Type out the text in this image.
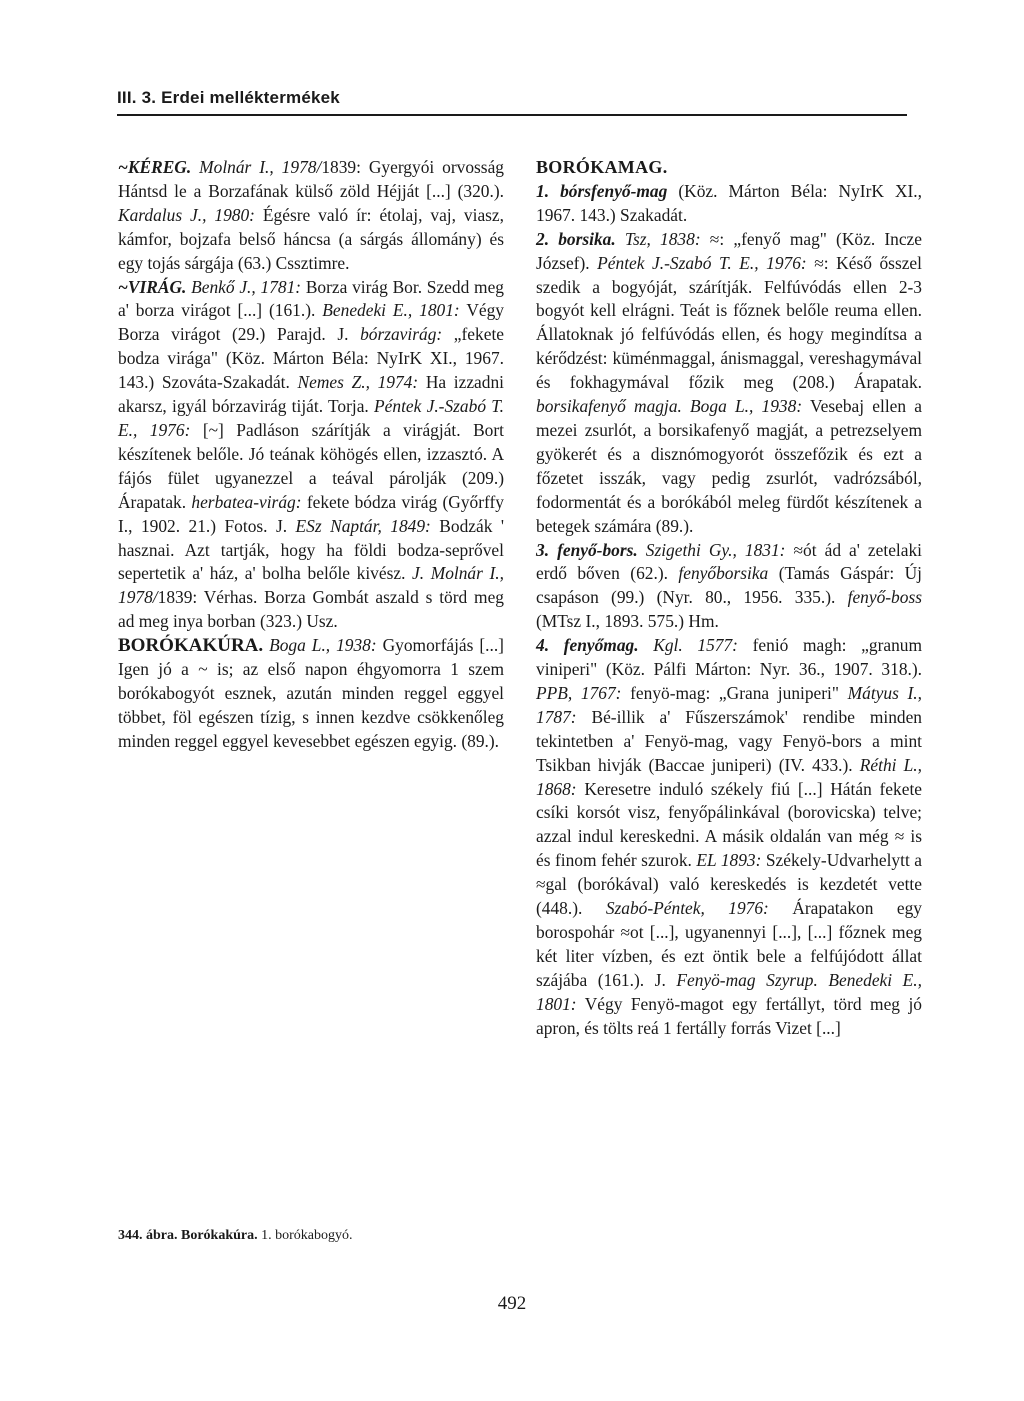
III. 3. Erdei melléktermékek

~KÉREG. Molnár I., 1978/1839: Gyergyói orvosság Hántsd le a Borzafának külső zöld Héjját [...] (320.). Kardalus J., 1980: Égésre való ír: étolaj, vaj, viasz, kámfor, bojzafa belső háncsa (a sárgás állomány) és egy tojás sárgája (63.) Cssztimre.

~VIRÁG. Benkő J., 1781: Borza virág Bor. Szedd meg a' borza virágot [...] (161.). Benedeki E., 1801: Végy Borza virágot (29.) Parajd. J. bórzavirág: „fekete bodza virága" (Köz. Márton Béla: NyIrK XI., 1967. 143.) Szováta-Szakadát. Nemes Z., 1974: Ha izzadni akarsz, igyál bórzavirág tiját. Torja. Péntek J.-Szabó T. E., 1976: [~] Padláson szárítják a virágját. Bort készítenek belőle. Jó teának köhögés ellen, izzasztó. A fájós fület ugyanezzel a teával párolják (209.) Árapatak. herbatea-virág: fekete bódza virág (Győrffy I., 1902. 21.) Fotos. J. ESz Naptár, 1849: Bodzák ' hasznai. Azt tartják, hogy ha földi bodza-seprővel sepertetik a' ház, a' bolha belőle kivész. J. Molnár I., 1978/1839: Vérhas. Borza Gombát aszald s törd meg ad meg inya borban (323.) Usz.

BORÓKAKÚRA. Boga L., 1938: Gyomorfájás [...] Igen jó a ~ is; az első napon éhgyomorra 1 szem borókabogyót esznek, azután minden reggel eggyel többet, föl egészen tízig, s innen kezdve csökkenőleg minden reggel eggyel kevesebbet egészen egyig. (89.).

344. ábra. Borókakúra. 1. borókabogyó.

BORÓKAMAG.

1. bórsfenyő-mag (Köz. Márton Béla: NyIrK XI., 1967. 143.) Szakadát.

2. borsika. Tsz, 1838: ≈: „fenyő mag" (Köz. Incze József). Péntek J.-Szabó T. E., 1976: ≈: Késő ősszel szedik a bogyóját, szárítják. Felfúvódás ellen 2-3 bogyót kell elrágni. Teát is főznek belőle reuma ellen. Állatoknak jó felfúvódás ellen, és hogy megindítsa a kérődzést: küménmaggal, ánismaggal, vereshagymával és fokhagymával főzik meg (208.) Árapatak. borsikafenyő magja. Boga L., 1938: Vesebaj ellen a mezei zsurlót, a borsikafenyő magját, a petrezselyem gyökerét és a disznómogyorót összefőzik és ezt a főzetet isszák, vagy pedig zsurlót, vadrózsából, fodormentát és a borókából meleg fürdőt készítenek a betegek számára (89.).

3. fenyő-bors. Szigethi Gy., 1831: ≈ót ád a' zetelaki erdő bőven (62.). fenyőborsika (Tamás Gáspár: Új csapáson (99.) (Nyr. 80., 1956. 335.). fenyő-boss (MTsz I., 1893. 575.) Hm.

4. fenyőmag. Kgl. 1577: fenió magh: „granum viniperi" (Köz. Pálfi Márton: Nyr. 36., 1907. 318.). PPB, 1767: fenyö-mag: „Grana juniperi" Mátyus I., 1787: Bé-illik a' Fűszerszámok' rendibe minden tekintetben a' Fenyö-mag, vagy Fenyö-bors a mint Tsikban hivják (Baccae juniperi) (IV. 433.). Réthi L., 1868: Keresetre induló székely fiú [...] Hátán fekete csíki korsót visz, fenyőpálinkával (borovicska) telve; azzal indul kereskedni. A másik oldalán van még ≈ is és finom fehér szurok. EL 1893: Székely-Udvarhelytt a ≈gal (borókával) való kereskedés is kezdetét vette (448.). Szabó-Péntek, 1976: Árapatakon egy borospohár ≈ot [...], ugyanennyi [...], [...] főznek meg két liter vízben, és ezt öntik bele a felfújódott állat szájába (161.). J. Fenyö-mag Szyrup. Benedeki E., 1801: Végy Fenyö-magot egy fertállyt, törd meg jó apron, és tölts reá 1 fertálly forrás Vizet [...]

492
